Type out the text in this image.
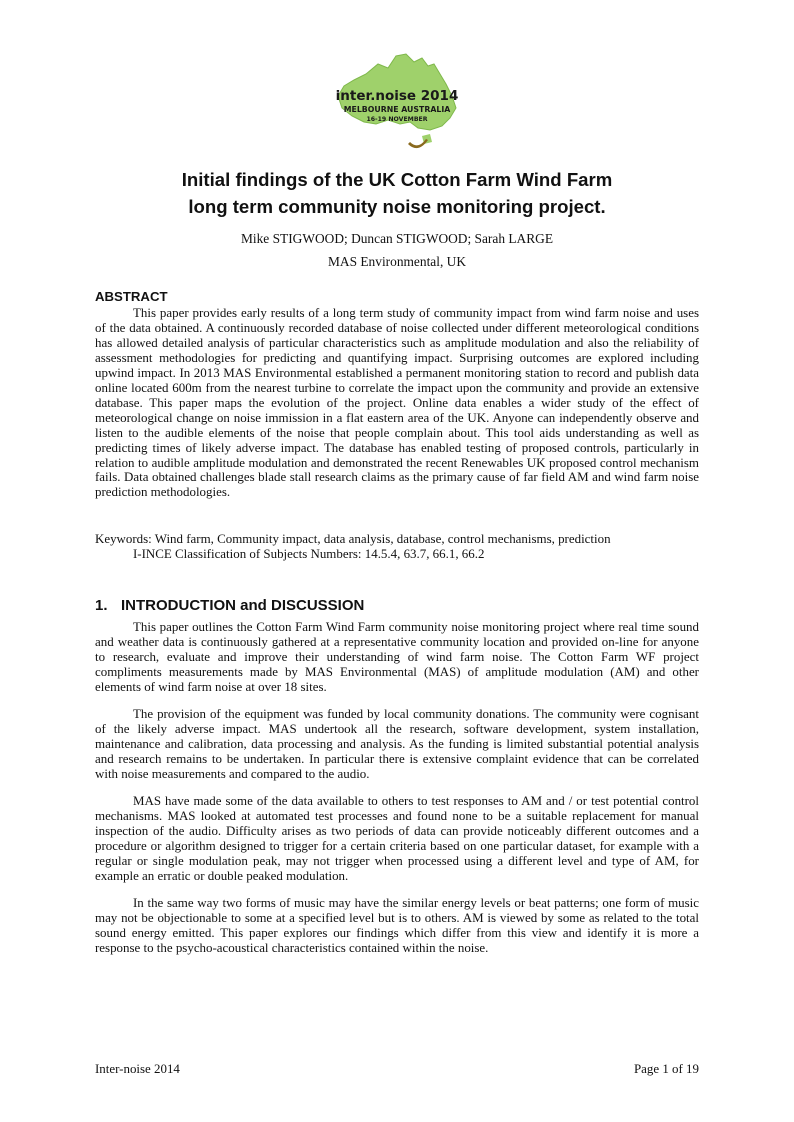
inter.noise 2014
MELBOURNE AUSTRALIA
16-19 NOVEMBER
Initial findings of the UK Cotton Farm Wind Farm
long term community noise monitoring project.
Mike STIGWOOD; Duncan STIGWOOD; Sarah LARGE
MAS Environmental, UK
ABSTRACT

This paper provides early results of a long term study of community impact from wind farm noise and uses of the data obtained. A continuously recorded database of noise collected under different meteorological conditions has allowed detailed analysis of particular characteristics such as amplitude modulation and also the reliability of assessment methodologies for predicting and quantifying impact. Surprising outcomes are explored including upwind impact. In 2013 MAS Environmental established a permanent monitoring station to record and publish data online located 600m from the nearest turbine to correlate the impact upon the community and provide an extensive database. This paper maps the evolution of the project. Online data enables a wider study of the effect of meteorological change on noise immission in a flat eastern area of the UK. Anyone can independently observe and listen to the audible elements of the noise that people complain about. This tool aids understanding as well as predicting times of likely adverse impact. The database has enabled testing of proposed controls, particularly in relation to audible amplitude modulation and demonstrated the recent Renewables UK proposed control mechanism fails. Data obtained challenges blade stall research claims as the primary cause of far field AM and wind farm noise prediction methodologies.

Keywords: Wind farm, Community impact, data analysis, database, control mechanisms, prediction

I-INCE Classification of Subjects Numbers: 14.5.4, 63.7, 66.1, 66.2

1. INTRODUCTION and DISCUSSION

This paper outlines the Cotton Farm Wind Farm community noise monitoring project where real time sound and weather data is continuously gathered at a representative community location and provided on-line for anyone to research, evaluate and improve their understanding of wind farm noise. The Cotton Farm WF project compliments measurements made by MAS Environmental (MAS) of amplitude modulation (AM) and other elements of wind farm noise at over 18 sites.

The provision of the equipment was funded by local community donations. The community were cognisant of the likely adverse impact. MAS undertook all the research, software development, system installation, maintenance and calibration, data processing and analysis. As the funding is limited substantial potential analysis and research remains to be undertaken. In particular there is extensive complaint evidence that can be correlated with noise measurements and compared to the audio.

MAS have made some of the data available to others to test responses to AM and / or test potential control mechanisms. MAS looked at automated test processes and found none to be a suitable replacement for manual inspection of the audio. Difficulty arises as two periods of data can provide noticeably different outcomes and a procedure or algorithm designed to trigger for a certain criteria based on one particular dataset, for example with a regular or single modulation peak, may not trigger when processed using a different level and type of AM, for example an erratic or double peaked modulation.

In the same way two forms of music may have the similar energy levels or beat patterns; one form of music may not be objectionable to some at a specified level but is to others. AM is viewed by some as related to the total sound energy emitted. This paper explores our findings which differ from this view and identify it is more a response to the psycho-acoustical characteristics contained within the noise.

Inter-noise 2014	Page 1 of 19
